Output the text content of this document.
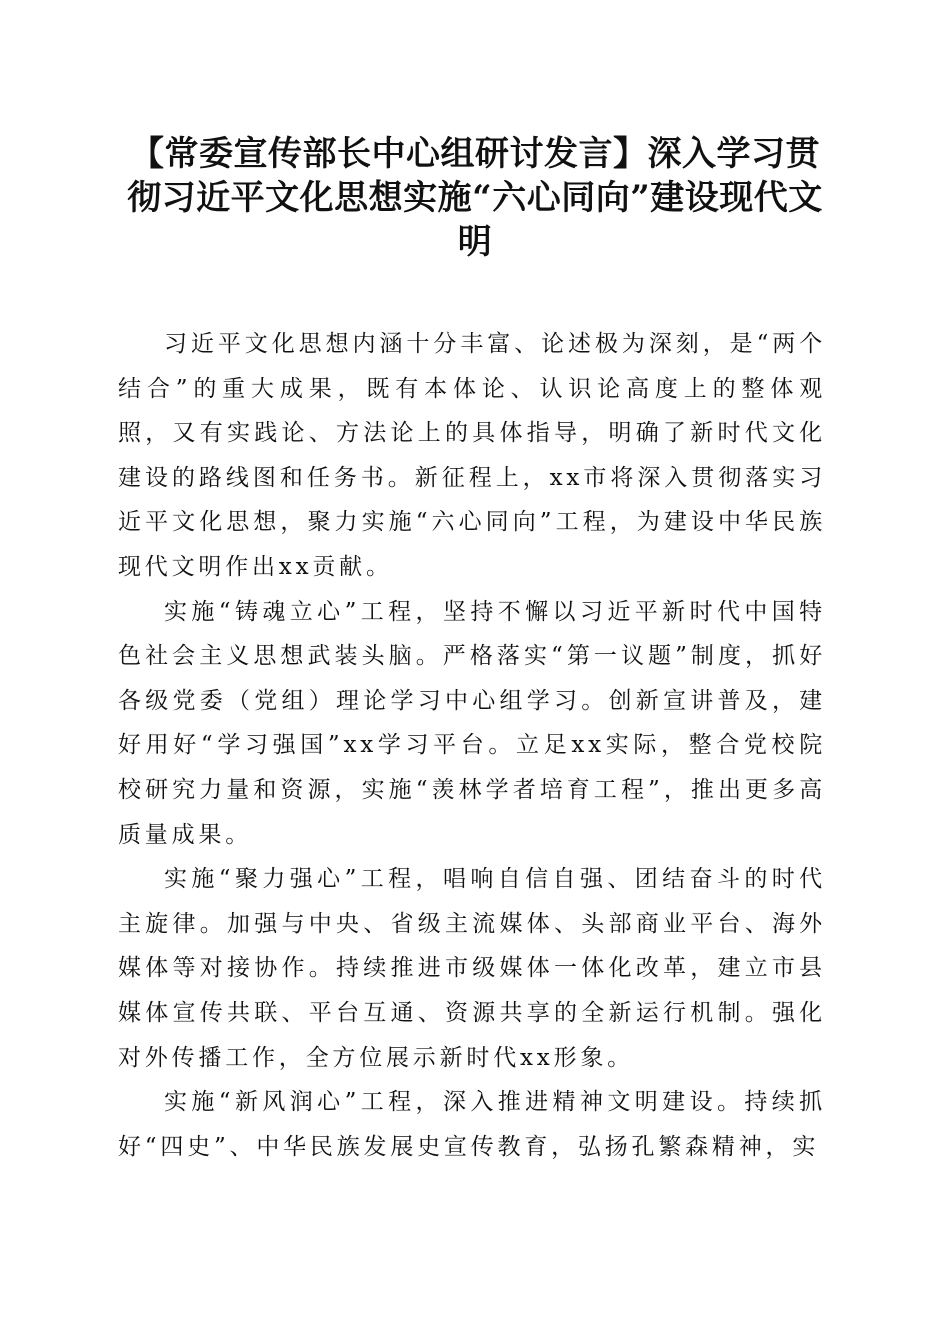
【常委宣传部长中心组研讨发言】深入学习贯彻习近平文化思想实施“六心同向”建设现代文明

习近平文化思想内涵十分丰富、论述极为深刻，是“两个结合”的重大成果，既有本体论、认识论高度上的整体观照，又有实践论、方法论上的具体指导，明确了新时代文化建设的路线图和任务书。新征程上，xx市将深入贯彻落实习近平文化思想，聚力实施“六心同向”工程，为建设中华民族现代文明作出xx贡献。

实施“铸魂立心”工程，坚持不懈以习近平新时代中国特色社会主义思想武装头脑。严格落实“第一议题”制度，抓好各级党委（党组）理论学习中心组学习。创新宣讲普及，建好用好“学习强国”xx学习平台。立足xx实际，整合党校院校研究力量和资源，实施“羡林学者培育工程”，推出更多高质量成果。

实施“聚力强心”工程，唱响自信自强、团结奋斗的时代主旋律。加强与中央、省级主流媒体、头部商业平台、海外媒体等对接协作。持续推进市级媒体一体化改革，建立市县媒体宣传共联、平台互通、资源共享的全新运行机制。强化对外传播工作，全方位展示新时代xx形象。

实施“新风润心”工程，深入推进精神文明建设。持续抓好“四史”、中华民族发展史宣传教育，弘扬孔繁森精神，实
